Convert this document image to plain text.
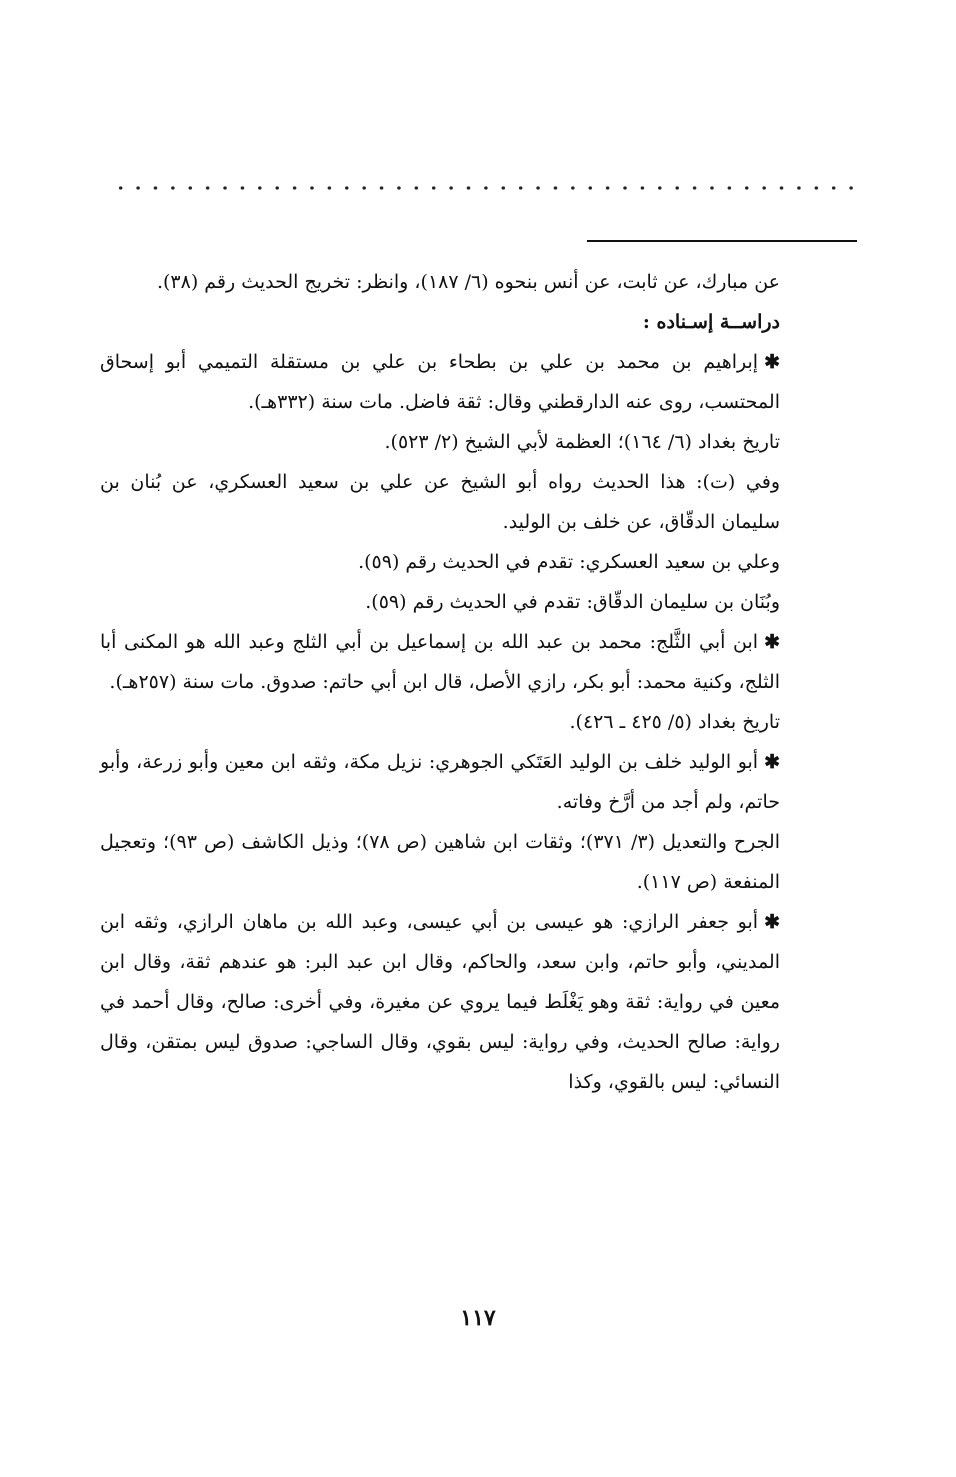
عن مبارك، عن ثابت، عن أنس بنحوه (٦/ ١٨٧)، وانظر: تخريج الحديث رقم (٣٨).

دراســة إسـناده :

✱إبراهيم بن محمد بن علي بن بطحاء بن علي بن مستقلة التميمي أبو إسحاق المحتسب، روى عنه الدارقطني وقال: ثقة فاضل. مات سنة (٣٣٢هـ).

تاريخ بغداد (٦/ ١٦٤)؛ العظمة لأبي الشيخ (٢/ ٥٢٣).

وفي (ت): هذا الحديث رواه أبو الشيخ عن علي بن سعيد العسكري، عن بُنان بن سليمان الدقّاق، عن خلف بن الوليد.

وعلي بن سعيد العسكري: تقدم في الحديث رقم (٥٩).

وبُنَان بن سليمان الدقّاق: تقدم في الحديث رقم (٥٩).

✱ابن أبي الثَّلج: محمد بن عبد الله بن إسماعيل بن أبي الثلج وعبد الله هو المكنى أبا الثلج، وكنية محمد: أبو بكر، رازي الأصل، قال ابن أبي حاتم: صدوق. مات سنة (٢٥٧هـ).

تاريخ بغداد (٥/ ٤٢٥ ـ ٤٢٦).

✱أبو الوليد خلف بن الوليد العَتَكي الجوهري: نزيل مكة، وثقه ابن معين وأبو زرعة، وأبو حاتم، ولم أجد من أرَّخ وفاته.

الجرح والتعديل (٣/ ٣٧١)؛ وثقات ابن شاهين (ص ٧٨)؛ وذيل الكاشف (ص ٩٣)؛ وتعجيل المنفعة (ص ١١٧).

✱أبو جعفر الرازي: هو عيسى بن أبي عيسى، وعبد الله بن ماهان الرازي، وثقه ابن المديني، وأبو حاتم، وابن سعد، والحاكم، وقال ابن عبد البر: هو عندهم ثقة، وقال ابن معين في رواية: ثقة وهو يَغْلَط فيما يروي عن مغيرة، وفي أخرى: صالح، وقال أحمد في رواية: صالح الحديث، وفي رواية: ليس بقوي، وقال الساجي: صدوق ليس بمتقن، وقال النسائي: ليس بالقوي، وكذا

١١٧
